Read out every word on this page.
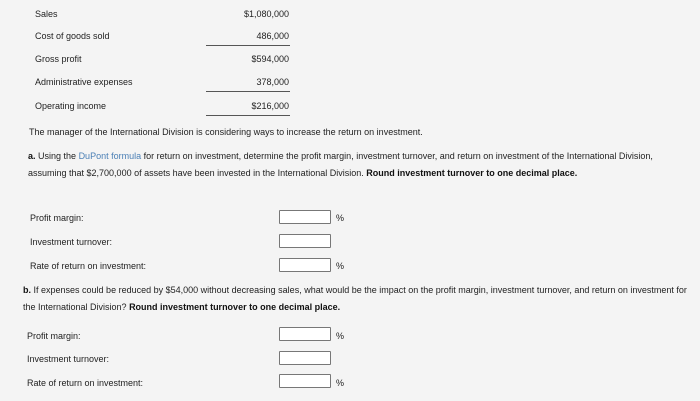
Sales	$1,080,000
Cost of goods sold	486,000
Gross profit	$594,000
Administrative expenses	378,000
Operating income	$216,000
The manager of the International Division is considering ways to increase the return on investment.
a. Using the DuPont formula for return on investment, determine the profit margin, investment turnover, and return on investment of the International Division, assuming that $2,700,000 of assets have been invested in the International Division. Round investment turnover to one decimal place.
Profit margin:	%
Investment turnover:
Rate of return on investment:	%
b. If expenses could be reduced by $54,000 without decreasing sales, what would be the impact on the profit margin, investment turnover, and return on investment for the International Division? Round investment turnover to one decimal place.
Profit margin:	%
Investment turnover:
Rate of return on investment:	%
